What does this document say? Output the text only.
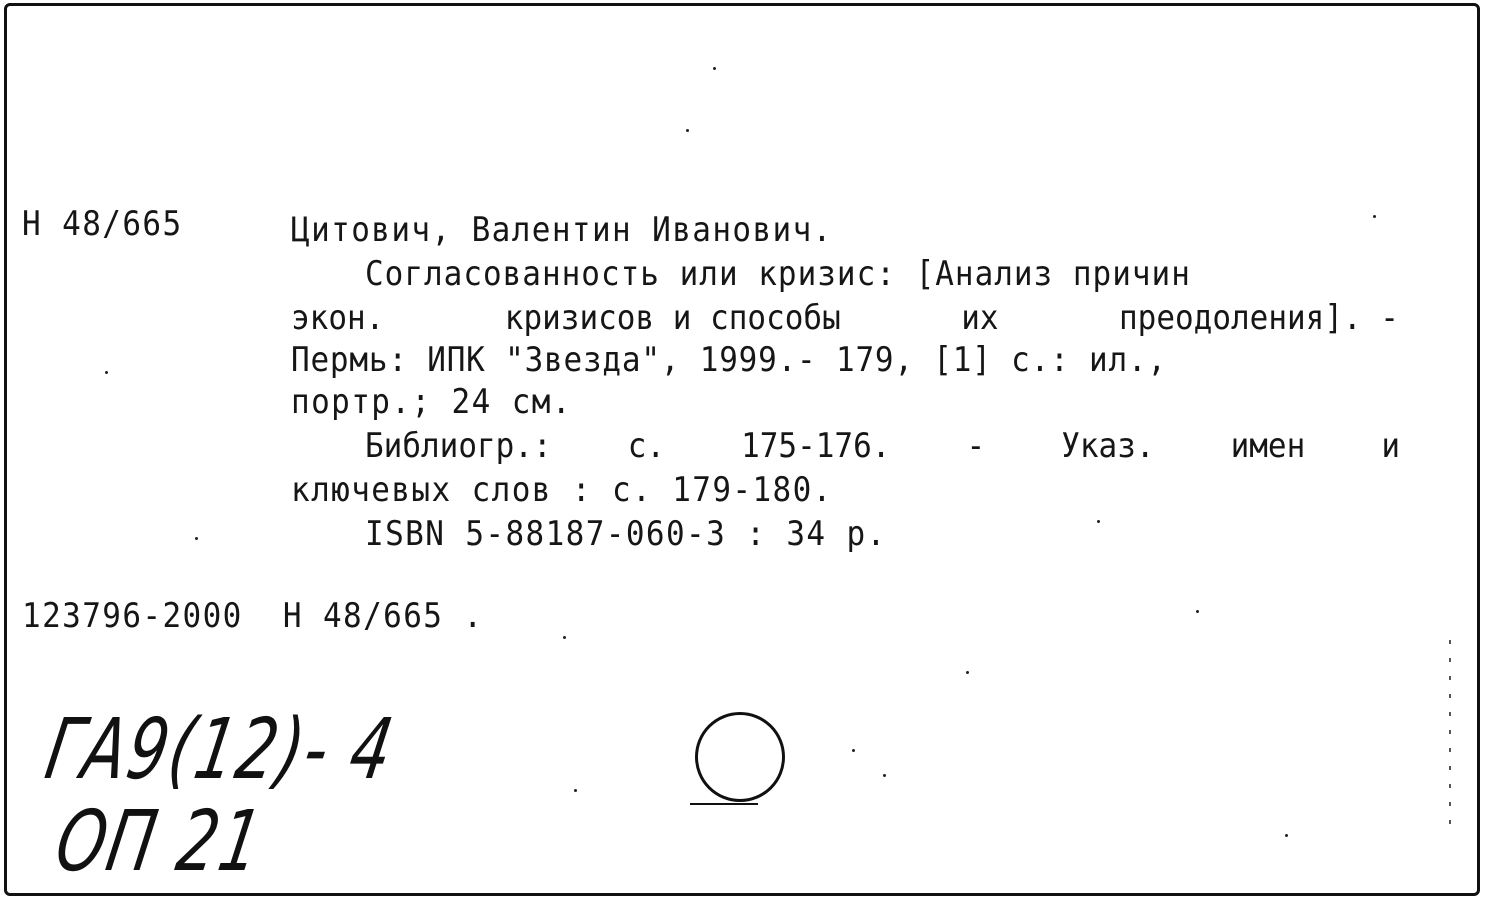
Н 48/665	Цитович, Валентин Иванович.
Согласованность или кризис: [Анализ причин
экон.	кризисов и способы	их	преодоления]. -
Пермь: ИПК "Звезда", 1999.- 179, [1] с.: ил.,
портр.; 24 см.
Библиогр.: с. 175-176. - Указ. имен и
ключевых слов : с. 179-180.
ISBN 5-88187-060-3 : 34 р.
123796-2000  Н 48/665 .
ГА9(12)- 4
ОП 21
